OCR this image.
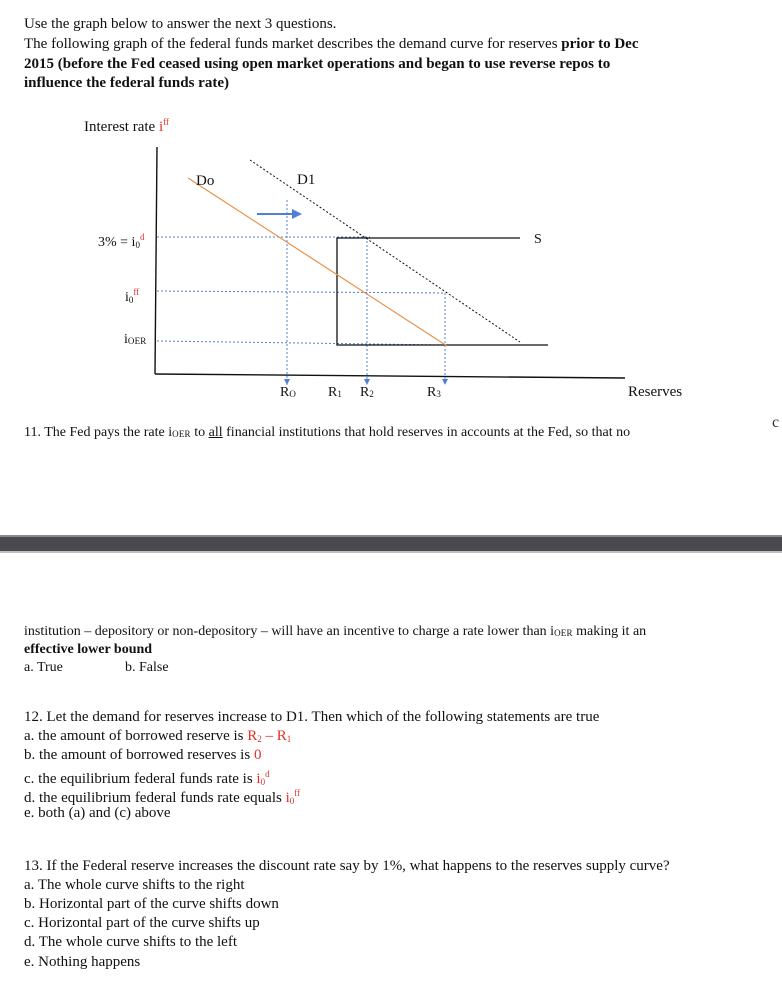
Use the graph below to answer the next 3 questions.
The following graph of the federal funds market describes the demand curve for reserves prior to Dec
2015 (before the Fed ceased using open market operations and began to use reverse repos to
influence the federal funds rate)
Interest rate $i^{ff}$
$3\% = i_0^d$
$i_0^{ff}$
iOER
Do	D1
S
RO R1 R2	R3	Reserves
11. The Fed pays the rate iOER to all financial institutions that hold reserves in accounts at the Fed, so that no
c
institution – depository or non-depository – will have an incentive to charge a rate lower than iOER making it an
effective lower bound
a. True	b. False
12. Let the demand for reserves increase to D1. Then which of the following statements are true
a. the amount of borrowed reserve is $R_2 - R_1$
b. the amount of borrowed reserves is 0
c. the equilibrium federal funds rate is $i_0^d$
d. the equilibrium federal funds rate equals $i_0^{ff}$
e. both (a) and (c) above
13. If the Federal reserve increases the discount rate say by 1%, what happens to the reserves supply curve?
a. The whole curve shifts to the right
b. Horizontal part of the curve shifts down
c. Horizontal part of the curve shifts up
d. The whole curve shifts to the left
e. Nothing happens
